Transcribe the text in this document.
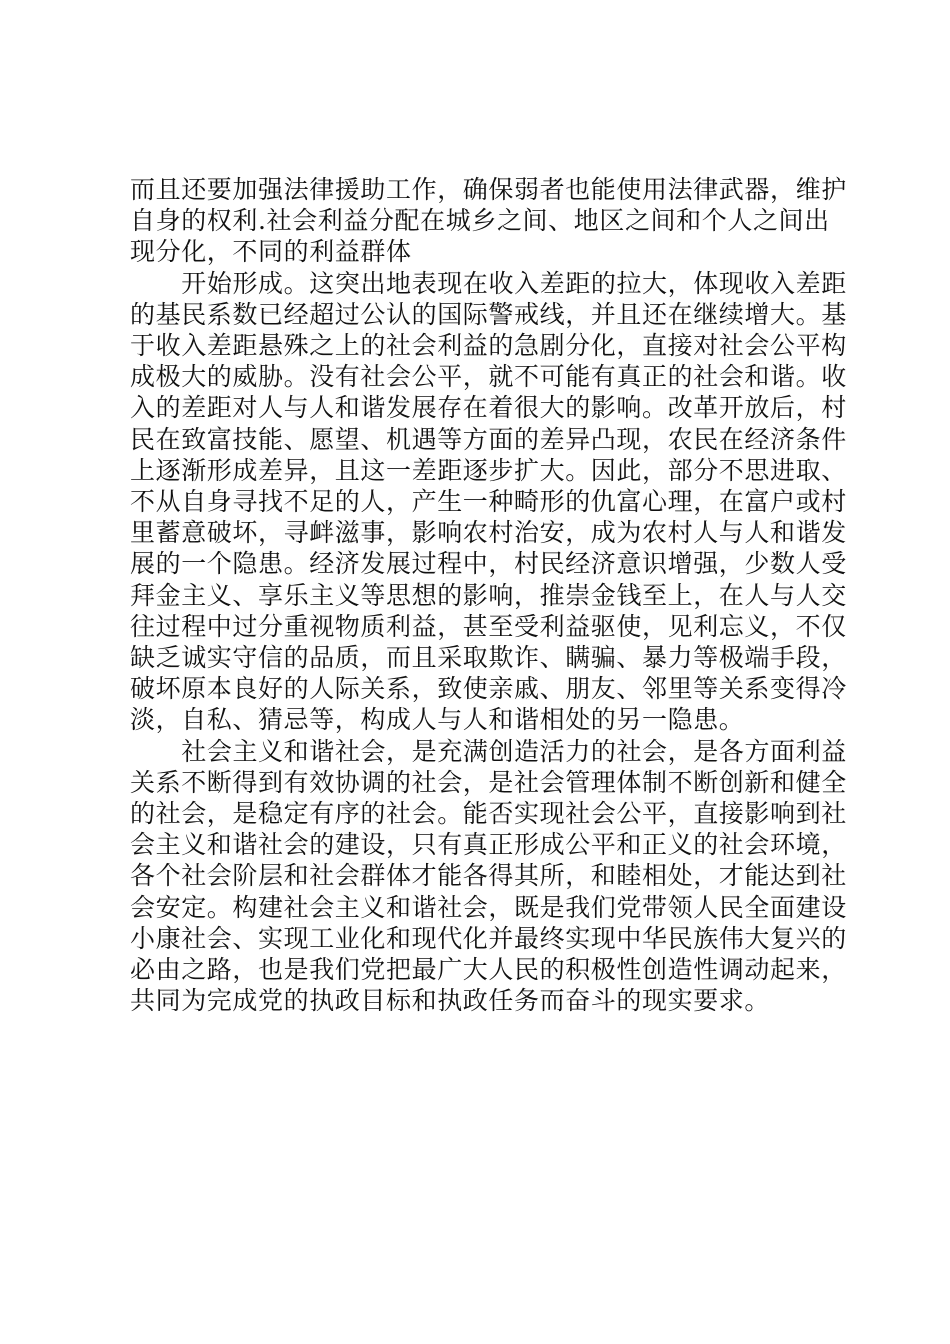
而且还要加强法律援助工作，确保弱者也能使用法律武器，维护自身的权利.社会利益分配在城乡之间、地区之间和个人之间出现分化，不同的利益群体

开始形成。这突出地表现在收入差距的拉大，体现收入差距的基民系数已经超过公认的国际警戒线，并且还在继续增大。基于收入差距悬殊之上的社会利益的急剧分化，直接对社会公平构成极大的威胁。没有社会公平，就不可能有真正的社会和谐。收入的差距对人与人和谐发展存在着很大的影响。改革开放后，村民在致富技能、愿望、机遇等方面的差异凸现，农民在经济条件上逐渐形成差异，且这一差距逐步扩大。因此，部分不思进取、不从自身寻找不足的人，产生一种畸形的仇富心理，在富户或村里蓄意破坏，寻衅滋事，影响农村治安，成为农村人与人和谐发展的一个隐患。经济发展过程中，村民经济意识增强，少数人受拜金主义、享乐主义等思想的影响，推崇金钱至上，在人与人交往过程中过分重视物质利益，甚至受利益驱使，见利忘义，不仅缺乏诚实守信的品质，而且采取欺诈、瞒骗、暴力等极端手段，破坏原本良好的人际关系，致使亲戚、朋友、邻里等关系变得冷淡，自私、猜忌等，构成人与人和谐相处的另一隐患。

社会主义和谐社会，是充满创造活力的社会，是各方面利益关系不断得到有效协调的社会，是社会管理体制不断创新和健全的社会，是稳定有序的社会。能否实现社会公平，直接影响到社会主义和谐社会的建设，只有真正形成公平和正义的社会环境，各个社会阶层和社会群体才能各得其所，和睦相处，才能达到社会安定。构建社会主义和谐社会，既是我们党带领人民全面建设小康社会、实现工业化和现代化并最终实现中华民族伟大复兴的必由之路，也是我们党把最广大人民的积极性创造性调动起来，共同为完成党的执政目标和执政任务而奋斗的现实要求。
